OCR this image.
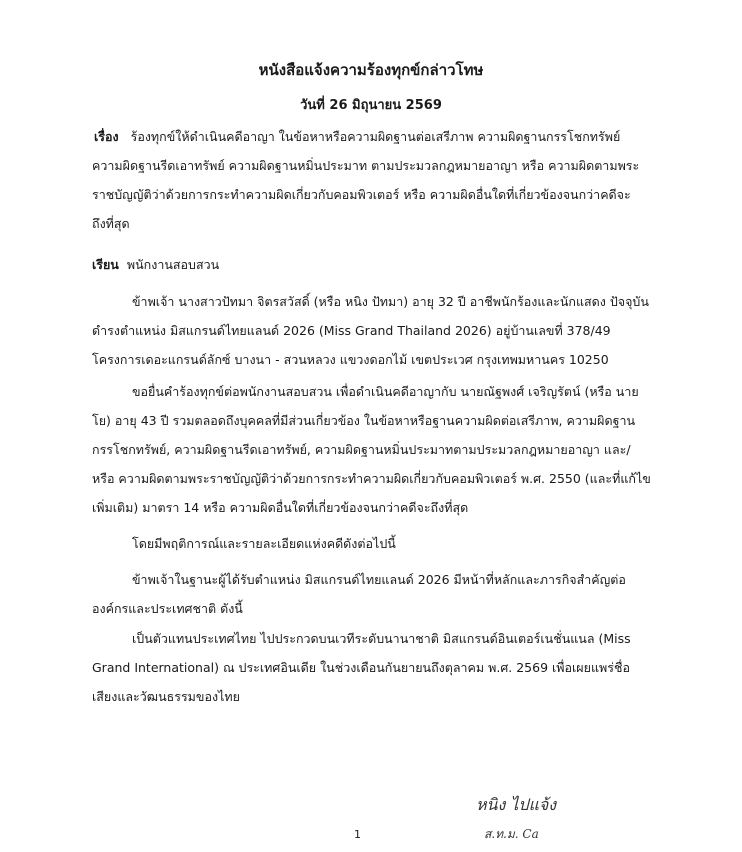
หนังสือแจ้งความร้องทุกข์กล่าวโทษ
วันที่ 26 มิถุนายน 2569
เรื่อง ร้องทุกข์ให้ดำเนินคดีอาญา ในข้อหาหรือความผิดฐานต่อเสรีภาพ ความผิดฐานกรรโชกทรัพย์ ความผิดฐานรีดเอาทรัพย์ ความผิดฐานหมิ่นประมาท ตามประมวลกฎหมายอาญา หรือ ความผิดตามพระราชบัญญัติว่าด้วยการกระทำความผิดเกี่ยวกับคอมพิวเตอร์ หรือ ความผิดอื่นใดที่เกี่ยวข้องจนกว่าคดีจะถึงที่สุด
เรียน พนักงานสอบสวน
ข้าพเจ้า นางสาวปัทมา จิตรสวัสดิ์ (หรือ หนิง ปัทมา) อายุ 32 ปี อาชีพนักร้องและนักแสดง ปัจจุบันดำรงตำแหน่ง มิสแกรนด์ไทยแลนด์ 2026 (Miss Grand Thailand 2026) อยู่บ้านเลขที่ 378/49 โครงการเดอะแกรนด์ลักซ์ บางนา - สวนหลวง แขวงดอกไม้ เขตประเวศ กรุงเทพมหานคร 10250
ขอยื่นคำร้องทุกข์ต่อพนักงานสอบสวน เพื่อดำเนินคดีอาญากับ นายณัฐพงศ์ เจริญรัตน์ (หรือ นายโย) อายุ 43 ปี รวมตลอดถึงบุคคลที่มีส่วนเกี่ยวข้อง ในข้อหาหรือฐานความผิดต่อเสรีภาพ, ความผิดฐานกรรโชกทรัพย์, ความผิดฐานรีดเอาทรัพย์, ความผิดฐานหมิ่นประมาทตามประมวลกฎหมายอาญา และ/หรือ ความผิดตามพระราชบัญญัติว่าด้วยการกระทำความผิดเกี่ยวกับคอมพิวเตอร์ พ.ศ. 2550 (และที่แก้ไขเพิ่มเติม) มาตรา 14 หรือ ความผิดอื่นใดที่เกี่ยวข้องจนกว่าคดีจะถึงที่สุด
โดยมีพฤติการณ์และรายละเอียดแห่งคดีดังต่อไปนี้
ข้าพเจ้าในฐานะผู้ได้รับตำแหน่ง มิสแกรนด์ไทยแลนด์ 2026 มีหน้าที่หลักและภารกิจสำคัญต่อองค์กรและประเทศชาติ ดังนี้
เป็นตัวแทนประเทศไทย ไปประกวดบนเวทีระดับนานาชาติ มิสแกรนด์อินเตอร์เนชั่นแนล (Miss Grand International) ณ ประเทศอินเดีย ในช่วงเดือนกันยายนถึงตุลาคม พ.ศ. 2569 เพื่อเผยแพร่ชื่อเสียงและวัฒนธรรมของไทย
หนิง ไปแจ้ง
ส.ท.ม. Ca
1
